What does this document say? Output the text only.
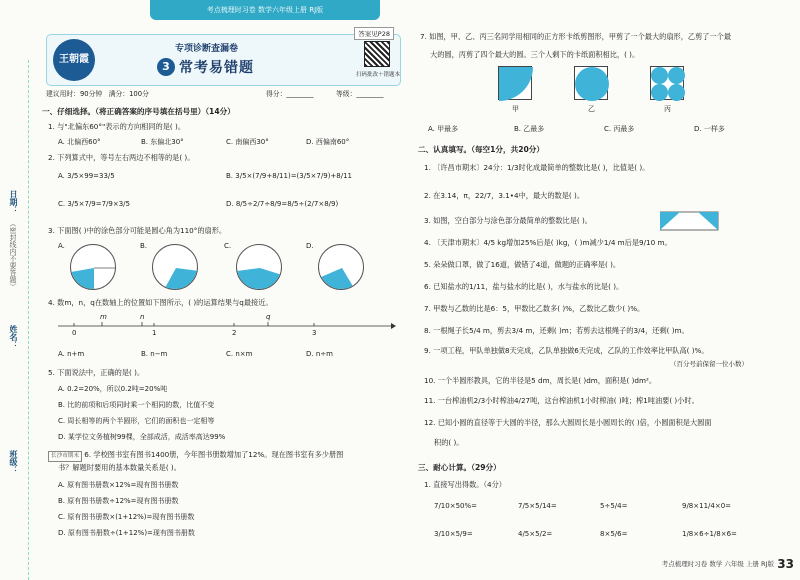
考点梳理时习卷 数学六年级上册 RJ版
日期：
（密封线内不要答题）
姓名：
班级：
王朝霞
专项诊断查漏卷
3 常考易错题
答案见P28
扫码批改＋错题本
建议用时：90分钟 满分：100分	得分：________	等级：________
一、仔细选择。（将正确答案的序号填在括号里）（14分）
1. 与"北偏东60°"表示的方向相同的是( )。
A. 北偏西60°	B. 东偏北30°	C. 南偏西30°	D. 西偏南60°
2. 下列算式中，等号左右两边不相等的是( )。
A. 3/5×99=33/5	B. 3/5×(7/9+8/11)=(3/5×7/9)+8/11
C. 3/5×7/9=7/9×3/5	D. 8/5÷2/7÷8/9=8/5÷(2/7×8/9)
3. 下面图( )中的涂色部分可能是圆心角为110°的扇形。
A.	B.	C.	D.
4. 数m，n，q在数轴上的位置如下图所示，( )的运算结果与q最接近。
m	n	q
0	1	2	3
A. n+m	B. n−m	C. n×m	D. n÷m
5. 下面说法中，正确的是( )。
A. 0.2=20%，所以0.2吨=20%吨
B. 比的前项和后项同时乘一个相同的数，比值不变
C. 周长相等的两个半圆形，它们的面积也一定相等
D. 某学位文务植树99棵，全部成活，成活率高达99%
长沙市期末 6. 学校图书室有图书1400册，今年图书册数增加了12%。现在图书室有多少册图
书？解题时要用的基本数量关系是( )。
A. 原有图书册数×12%=现有图书册数
B. 原有图书册数÷12%=现有图书册数
C. 原有图书册数×(1+12%)=现有图书册数
D. 原有图书册数÷(1+12%)=现有图书册数
7. 如图，甲、乙、丙三名同学用相同的正方形卡纸剪图形，甲剪了一个最大的扇形，乙剪了一个最
大的圆，丙剪了四个最大的圆。三个人剩下的卡纸面积相比，( )。
甲	乙	丙
A. 甲最多	B. 乙最多	C. 丙最多	D. 一样多
二、认真填写。（每空1分，共20分）
1. 〔许昌市期末〕24分：1/3时化成最简单的整数比是( )，比值是( )。
2. 在3.14，π，22/7，3.1•4中，最大的数是( )。
3. 如图，空白部分与涂色部分最简单的整数比是( )。
4. 〔天津市期末〕4/5 kg增加25%后是( )kg，( )m减少1/4 m后是9/10 m。
5. 朵朵做口罩，做了16道，做错了4道，做题的正确率是( )。
6. 已知盐水的1/11，盐与盐水的比是( )，水与盐水的比是( )。
7. 甲数与乙数的比是6：5，甲数比乙数多( )%，乙数比乙数少( )%。
8. 一根绳子长5/4 m，剪去3/4 m，还剩( )m；若剪去这根绳子的3/4，还剩( )m。
9. 一项工程，甲队单独做8天完成，乙队单独做6天完成，乙队的工作效率比甲队高( )%。
（百分号前保留一位小数）
10. 一个半圆形教具，它的半径是5 dm，周长是( )dm，面积是( )dm²。
11. 一台榨油机2/3小时榨油4/27吨，这台榨油机1小时榨油( )吨；榨1吨油要( )小时。
12. 已知小圆的直径等于大圆的半径，那么大圆周长是小圆周长的( )倍，小圆面积是大圆面
积的( )。
三、耐心计算。（29分）
1. 直接写出得数。（4分）
7/10×50%=	7/5×5/14=	5÷5/4=	9/8×11/4×0=
3/10×5/9=	4/5×5/2=	8×5/6=	1/8×6÷1/8×6=
考点梳理时习卷 数学 六年级 上册 RJ版 33
